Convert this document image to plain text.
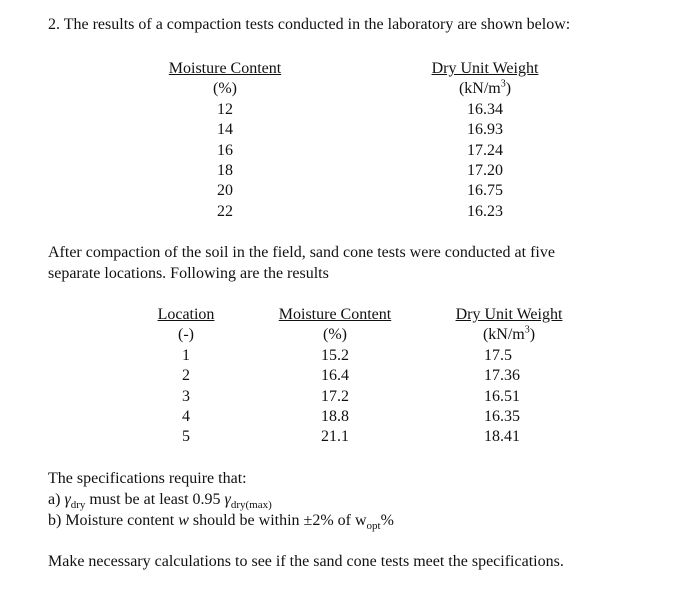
2. The results of a compaction tests conducted in the laboratory are shown below:
Moisture Content
(%)
12
14
16
18
20
22
Dry Unit Weight
$(kN/m^3)$
16.34
16.93
17.24
17.20
16.75
16.23
After compaction of the soil in the field, sand cone tests were conducted at five
separate locations. Following are the results
Location
(-)
1
2
3
4
5
Moisture Content
(%)
15.2
16.4
17.2
18.8
21.1
Dry Unit Weight
$(kN/m^3)$
17.5
17.36
16.51
16.35
18.41
The specifications require that:
a) $\gamma_{dry}$ must be at least 0.95 $\gamma_{dry(max)}$
b) Moisture content w should be within ±2% of $w_{opt}\%$
Make necessary calculations to see if the sand cone tests meet the specifications.
